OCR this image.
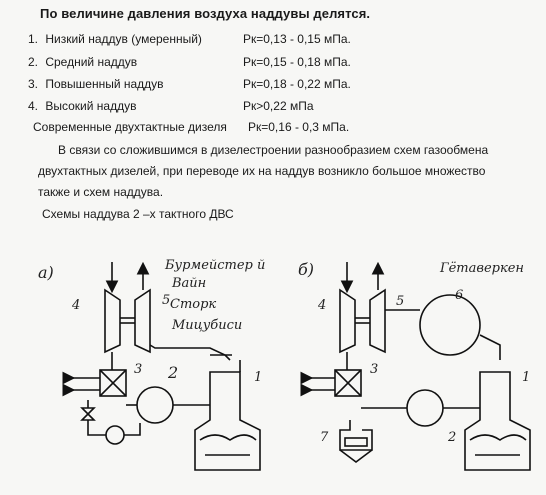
По величине давления воздуха наддувы делятся.
1. Низкий наддув (умеренный)	Рк=0,13 - 0,15 мПа.
2. Средний наддув	Рк=0,15 - 0,18 мПа.
3. Повышенный наддув	Рк=0,18 - 0,22 мПа.
4. Высокий наддув	Рк>0,22 мПа
Современные двухтактные дизеля Рк=0,16 - 0,3 мПа.
В связи со сложившимся в дизелестроении разнообразием схем газообмена
двухтактных дизелей, при переводе их на наддув возникло большое множество
также и схем наддува.
Схемы наддува 2 –х тактного ДВС
а)	Бурмейстер й
Вайн
Сторк
Мицубиси
4	5
3 2	1
б)	Гётаверкен
4	5	6
3
1
7	2
